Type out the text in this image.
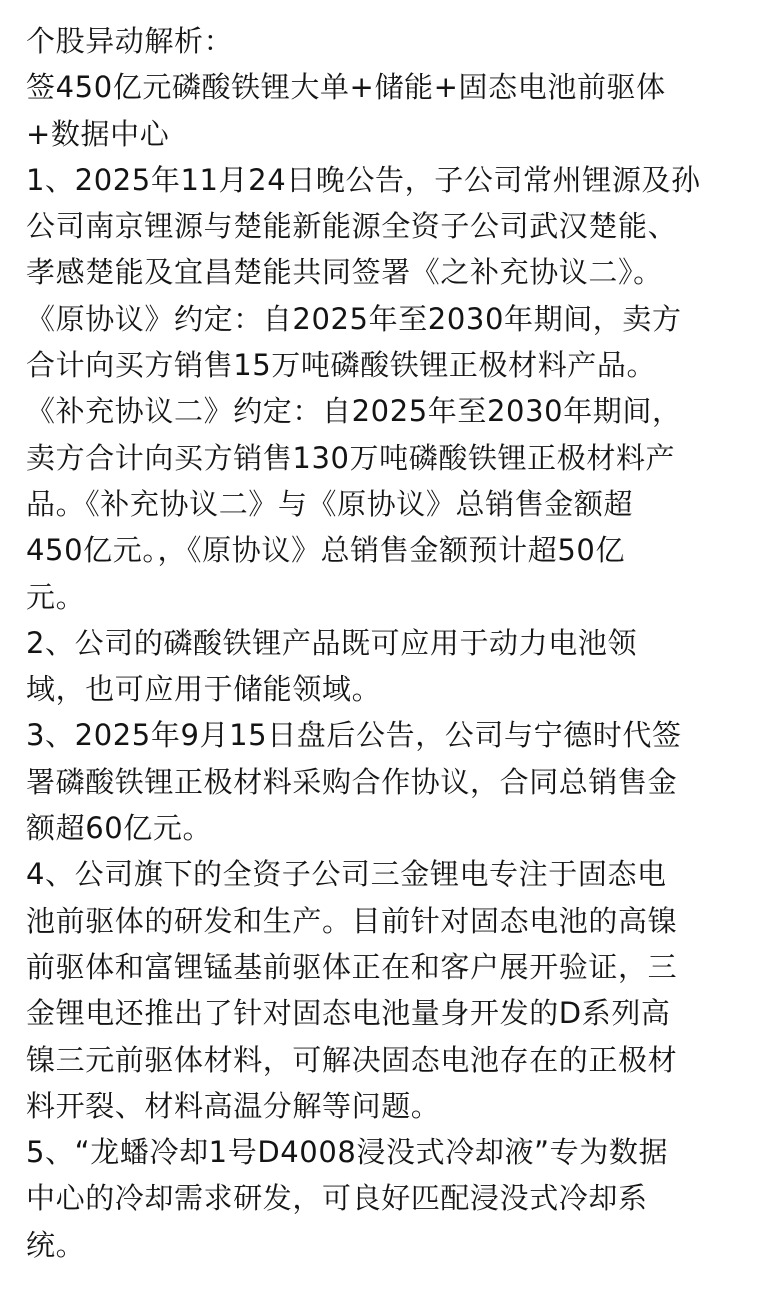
个股异动解析：
签450亿元磷酸铁锂大单+储能+固态电池前驱体
+数据中心
1、2025年11月24日晚公告，子公司常州锂源及孙
公司南京锂源与楚能新能源全资子公司武汉楚能、
孝感楚能及宜昌楚能共同签署《之补充协议二》。
《原协议》约定：自2025年至2030年期间，卖方
合计向买方销售15万吨磷酸铁锂正极材料产品。
《补充协议二》约定：自2025年至2030年期间，
卖方合计向买方销售130万吨磷酸铁锂正极材料产
品。《补充协议二》与《原协议》总销售金额超
450亿元。，《原协议》总销售金额预计超50亿
元。
2、公司的磷酸铁锂产品既可应用于动力电池领
域，也可应用于储能领域。
3、2025年9月15日盘后公告，公司与宁德时代签
署磷酸铁锂正极材料采购合作协议，合同总销售金
额超60亿元。
4、公司旗下的全资子公司三金锂电专注于固态电
池前驱体的研发和生产。目前针对固态电池的高镍
前驱体和富锂锰基前驱体正在和客户展开验证，三
金锂电还推出了针对固态电池量身开发的D系列高
镍三元前驱体材料，可解决固态电池存在的正极材
料开裂、材料高温分解等问题。
5、“龙蟠冷却1号D4008浸没式冷却液”专为数据
中心的冷却需求研发，可良好匹配浸没式冷却系
统。
